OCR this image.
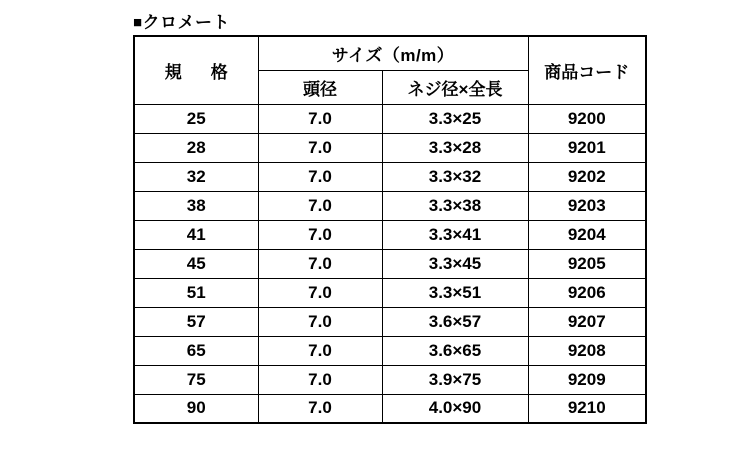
■クロメート
規　格	サイズ（m/m）		商品コード
	頭径	ネジ径×全長	
25	7.0	3.3×25	9200
28	7.0	3.3×28	9201
32	7.0	3.3×32	9202
38	7.0	3.3×38	9203
41	7.0	3.3×41	9204
45	7.0	3.3×45	9205
51	7.0	3.3×51	9206
57	7.0	3.6×57	9207
65	7.0	3.6×65	9208
75	7.0	3.9×75	9209
90	7.0	4.0×90	9210
